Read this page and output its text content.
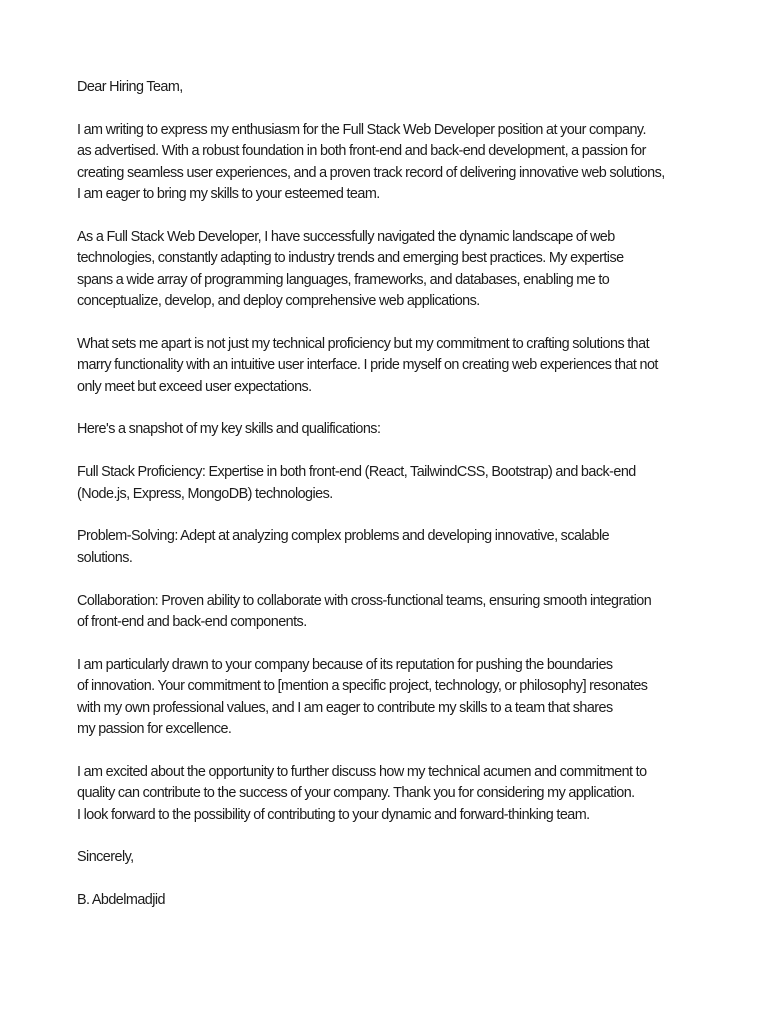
Dear Hiring Team,
I am writing to express my enthusiasm for the Full Stack Web Developer position at your company.
as advertised. With a robust foundation in both front-end and back-end development, a passion for
creating seamless user experiences, and a proven track record of delivering innovative web solutions,
I am eager to bring my skills to your esteemed team.
As a Full Stack Web Developer, I have successfully navigated the dynamic landscape of web
technologies, constantly adapting to industry trends and emerging best practices. My expertise
spans a wide array of programming languages, frameworks, and databases, enabling me to
conceptualize, develop, and deploy comprehensive web applications.
What sets me apart is not just my technical proficiency but my commitment to crafting solutions that
marry functionality with an intuitive user interface. I pride myself on creating web experiences that not
only meet but exceed user expectations.
Here's a snapshot of my key skills and qualifications:
Full Stack Proficiency: Expertise in both front-end (React, TailwindCSS, Bootstrap) and back-end
(Node.js, Express, MongoDB) technologies.
Problem-Solving: Adept at analyzing complex problems and developing innovative, scalable
solutions.
Collaboration: Proven ability to collaborate with cross-functional teams, ensuring smooth integration
of front-end and back-end components.
I am particularly drawn to your company because of its reputation for pushing the boundaries
of innovation. Your commitment to [mention a specific project, technology, or philosophy] resonates
with my own professional values, and I am eager to contribute my skills to a team that shares
my passion for excellence.
I am excited about the opportunity to further discuss how my technical acumen and commitment to
quality can contribute to the success of your company. Thank you for considering my application.
I look forward to the possibility of contributing to your dynamic and forward-thinking team.
Sincerely,
B. Abdelmadjid
